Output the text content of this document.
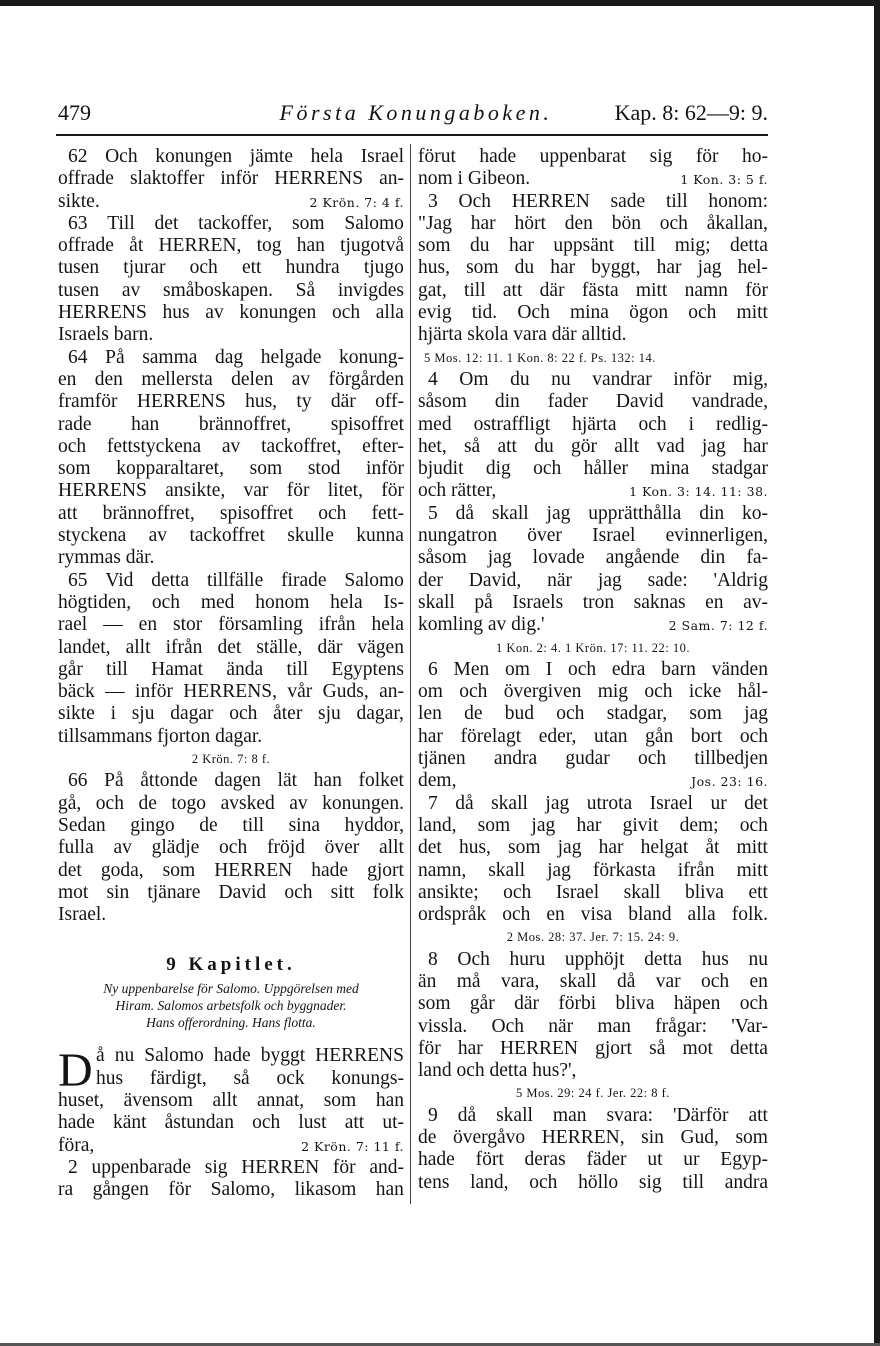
479	Första Konungaboken.	Kap. 8: 62—9: 9.
62 Och konungen jämte hela Israel
offrade slaktoffer inför HERRENS an-
sikte.	2 Krön. 7: 4 f.
63 Till det tackoffer, som Salomo
offrade åt HERREN, tog han tjugotvå
tusen tjurar och ett hundra tjugo
tusen av småboskapen. Så invigdes
HERRENS hus av konungen och alla
Israels barn.
64 På samma dag helgade konung-
en den mellersta delen av förgården
framför HERRENS hus, ty där off-
rade han brännoffret, spisoffret
och fettstyckena av tackoffret, efter-
som kopparaltaret, som stod inför
HERRENS ansikte, var för litet, för
att brännoffret, spisoffret och fett-
styckena av tackoffret skulle kunna
rymmas där.
65 Vid detta tillfälle firade Salomo
högtiden, och med honom hela Is-
rael — en stor församling ifrån hela
landet, allt ifrån det ställe, där vägen
går till Hamat ända till Egyptens
bäck — inför HERRENS, vår Guds, an-
sikte i sju dagar och åter sju dagar,
tillsammans fjorton dagar.
2 Krön. 7: 8 f.
66 På åttonde dagen lät han folket
gå, och de togo avsked av konungen.
Sedan gingo de till sina hyddor,
fulla av glädje och fröjd över allt
det goda, som HERREN hade gjort
mot sin tjänare David och sitt folk
Israel.
9 Kapitlet.
Ny uppenbarelse för Salomo. Uppgörelsen med
Hiram. Salomos arbetsfolk och byggnader.
Hans offerordning. Hans flotta.
D å nu Salomo hade byggt HERRENS
hus färdigt, så ock konungs-
huset, ävensom allt annat, som han
hade känt åstundan och lust att ut-
föra,	2 Krön. 7: 11 f.
2 uppenbarade sig HERREN för and-
ra gången för Salomo, likasom han
förut hade uppenbarat sig för ho-
nom i Gibeon.	1 Kon. 3: 5 f.
3 Och HERREN sade till honom:
"Jag har hört den bön och åkallan,
som du har uppsänt till mig; detta
hus, som du har byggt, har jag hel-
gat, till att där fästa mitt namn för
evig tid. Och mina ögon och mitt
hjärta skola vara där alltid.
5 Mos. 12: 11. 1 Kon. 8: 22 f. Ps. 132: 14.
4 Om du nu vandrar inför mig,
såsom din fader David vandrade,
med ostraffligt hjärta och i redlig-
het, så att du gör allt vad jag har
bjudit dig och håller mina stadgar
och rätter,	1 Kon. 3: 14. 11: 38.
5 då skall jag upprätthålla din ko-
nungatron över Israel evinnerligen,
såsom jag lovade angående din fa-
der David, när jag sade: 'Aldrig
skall på Israels tron saknas en av-
komling av dig.'	2 Sam. 7: 12 f.
1 Kon. 2: 4. 1 Krön. 17: 11. 22: 10.
6 Men om I och edra barn vänden
om och övergiven mig och icke hål-
len de bud och stadgar, som jag
har förelagt eder, utan gån bort och
tjänen andra gudar och tillbedjen
dem,	Jos. 23: 16.
7 då skall jag utrota Israel ur det
land, som jag har givit dem; och
det hus, som jag har helgat åt mitt
namn, skall jag förkasta ifrån mitt
ansikte; och Israel skall bliva ett
ordspråk och en visa bland alla folk.
2 Mos. 28: 37. Jer. 7: 15. 24: 9.
8 Och huru upphöjt detta hus nu
än må vara, skall då var och en
som går där förbi bliva häpen och
vissla. Och när man frågar: 'Var-
för har HERREN gjort så mot detta
land och detta hus?',
5 Mos. 29: 24 f. Jer. 22: 8 f.
9 då skall man svara: 'Därför att
de övergåvo HERREN, sin Gud, som
hade fört deras fäder ut ur Egyp-
tens land, och höllo sig till andra
